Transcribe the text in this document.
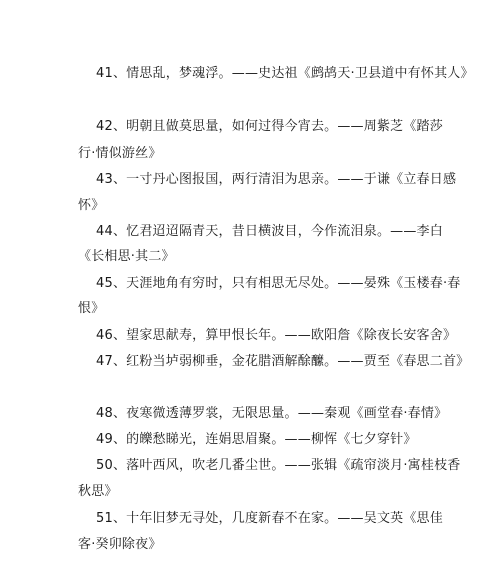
41、情思乱，梦魂浮。——史达祖《鹧鸪天·卫县道中有怀其人》
42、明朝且做莫思量，如何过得今宵去。——周紫芝《踏莎
行·情似游丝》
43、一寸丹心图报国，两行清泪为思亲。——于谦《立春日感
怀》
44、忆君迢迢隔青天，昔日横波目，今作流泪泉。——李白
《长相思·其二》
45、天涯地角有穷时，只有相思无尽处。——晏殊《玉楼春·春
恨》
46、望家思献寿，算甲恨长年。——欧阳詹《除夜长安客舍》
47、红粉当垆弱柳垂，金花腊酒解酴醿。——贾至《春思二首》
48、夜寒微透薄罗裳，无限思量。——秦观《画堂春·春情》
49、的皪愁睇光，连娟思眉聚。——柳恽《七夕穿针》
50、落叶西风，吹老几番尘世。——张辑《疏帘淡月·寓桂枝香
秋思》
51、十年旧梦无寻处，几度新春不在家。——吴文英《思佳
客·癸卯除夜》
